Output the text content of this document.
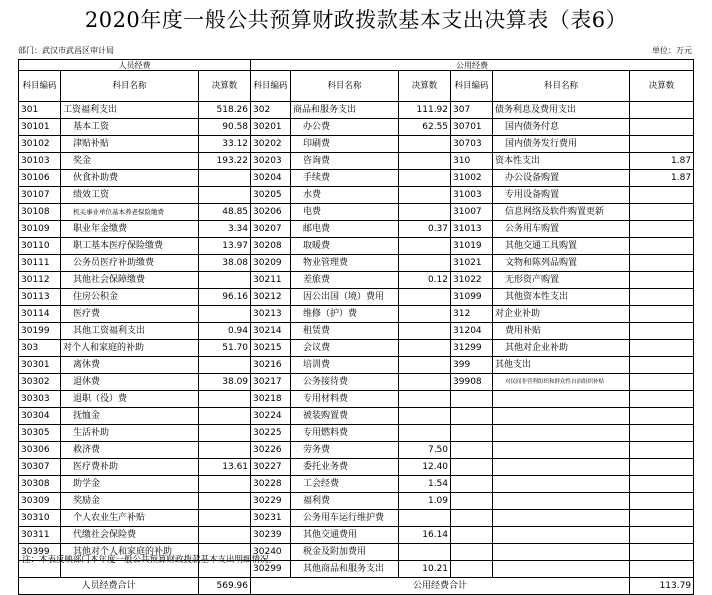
2020年度一般公共预算财政拨款基本支出决算表（表6）
部门：武汉市武昌区审计局	单位：万元
人员经费			公用经费					
科目编码	科目名称	决算数	科目编码	科目名称	决算数	科目编码	科目名称	决算数
301	工资福利支出	518.26	302	商品和服务支出	111.92	307	债务利息及费用支出	
30101	基本工资	90.58	30201	办公费	62.55	30701	国内债务付息	
30102	津贴补贴	33.12	30202	印刷费		30703	国内债务发行费用	
30103	奖金	193.22	30203	咨询费		310	资本性支出	1.87
30106	伙食补助费		30204	手续费		31002	办公设备购置	1.87
30107	绩效工资		30205	水费		31003	专用设备购置	
30108	机关事业单位基本养老保险缴费	48.85	30206	电费		31007	信息网络及软件购置更新	
30109	职业年金缴费	3.34	30207	邮电费	0.37	31013	公务用车购置	
30110	职工基本医疗保险缴费	13.97	30208	取暖费		31019	其他交通工具购置	
30111	公务员医疗补助缴费	38.08	30209	物业管理费		31021	文物和陈列品购置	
30112	其他社会保障缴费		30211	差旅费	0.12	31022	无形资产购置	
30113	住房公积金	96.16	30212	因公出国（境）费用		31099	其他资本性支出	
30114	医疗费		30213	维修（护）费		312	对企业补助	
30199	其他工资福利支出	0.94	30214	租赁费		31204	费用补贴	
303	对个人和家庭的补助	51.70	30215	会议费		31299	其他对企业补助	
30301	离休费		30216	培训费		399	其他支出	
30302	退休费	38.09	30217	公务接待费		39908	对民间非营利组织和群众性自治组织补贴	
30303	退职（役）费		30218	专用材料费				
30304	抚恤金		30224	被装购置费				
30305	生活补助		30225	专用燃料费				
30306	救济费		30226	劳务费	7.50			
30307	医疗费补助	13.61	30227	委托业务费	12.40			
30308	助学金		30228	工会经费	1.54			
30309	奖励金		30229	福利费	1.09			
30310	个人农业生产补贴		30231	公务用车运行维护费				
30311	代缴社会保险费		30239	其他交通费用	16.14			
30399	其他对个人和家庭的补助		30240	税金及附加费用				
			30299	其他商品和服务支出	10.21			
人员经费合计		569.96	公用经费合计					113.79
注：本表反映部门本年度一般公共预算财政拨款基本支出明细情况。
